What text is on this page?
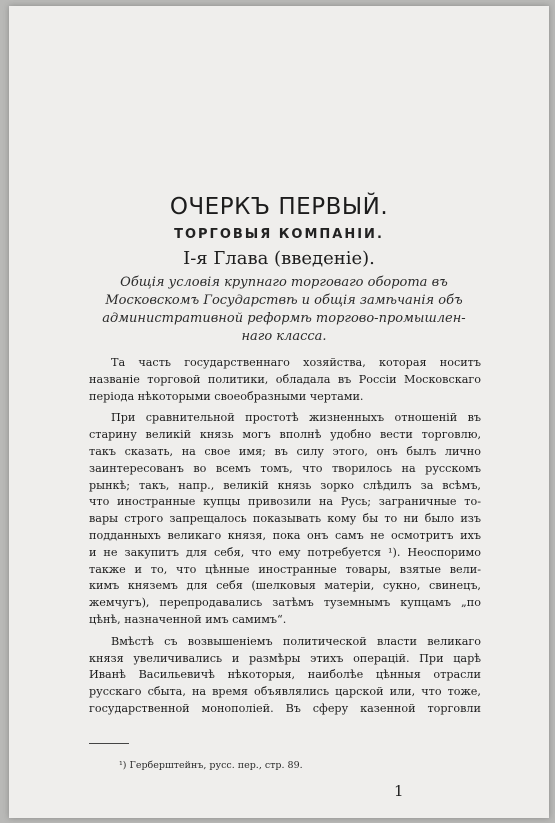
ОЧЕРКЪ ПЕРВЫЙ.
ТОРГОВЫЯ КОМПАНІИ.
I-я Глава (введеніе).
Общія условія крупнаго торговаго оборота въ
Московскомъ Государствѣ и общія замѣчанія объ
административной реформѣ торгово-промышлен-
наго класса.
Та часть государственнаго хозяйства, которая носитъ
названіе торговой политики, обладала въ Россіи Московскаго
періода нѣкоторыми своеобразными чертами.
При сравнительной простотѣ жизненныхъ отношеній въ
старину великій князь могъ вполнѣ удобно вести торговлю,
такъ сказать, на свое имя; въ силу этого, онъ былъ лично
заинтересованъ во всемъ томъ, что творилось на русскомъ
рынкѣ; такъ, напр., великій князь зорко слѣдилъ за всѣмъ,
что иностранные купцы привозили на Русь; заграничные то-
вары строго запрещалось показывать кому бы то ни было изъ
подданныхъ великаго князя, пока онъ самъ не осмотритъ ихъ
и не закупитъ для себя, что ему потребуется ¹). Неоспоримо
также и то, что цѣнные иностранные товары, взятые вели-
кимъ княземъ для себя (шелковыя матеріи, сукно, свинецъ,
жемчугъ), перепродавались затѣмъ туземнымъ купцамъ „по
цѣнѣ, назначенной имъ самимъ“.
Вмѣстѣ съ возвышеніемъ политической власти великаго
князя увеличивались и размѣры этихъ операцій. При царѣ
Иванѣ Васильевичѣ нѣкоторыя, наиболѣе цѣнныя отрасли
русскаго сбыта, на время объявлялись царской или, что тоже,
государственной монополіей. Въ сферу казенной торговли
¹) Герберштейнъ, русс. пер., стр. 89.
1
